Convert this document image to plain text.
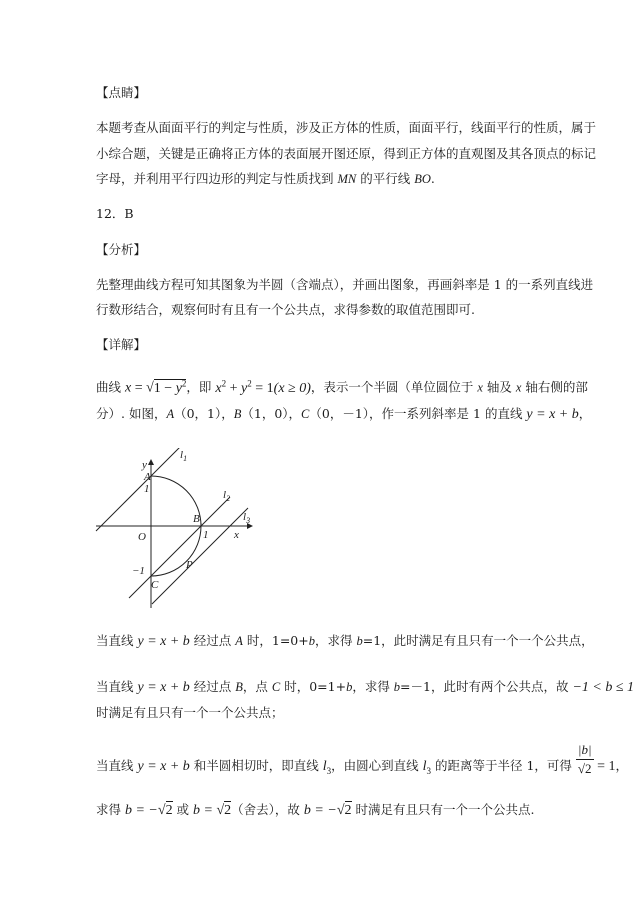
【点睛】
本题考查从面面平行的判定与性质，涉及正方体的性质，面面平行，线面平行的性质，属于
小综合题，关键是正确将正方体的表面展开图还原，得到正方体的直观图及其各顶点的标记
字母，并利用平行四边形的判定与性质找到 MN 的平行线 BO.
12．B
【分析】
先整理曲线方程可知其图象为半圆（含端点），并画出图象，再画斜率是 1 的一系列直线进
行数形结合，观察何时有且有一个公共点，求得参数的取值范围即可.
【详解】
曲线 $x = √1 - y^2$，即 $x^2 + y^2 = 1(x \ge 0)$，表示一个半圆（单位圆位于 x 轴及 x 轴右侧的部
分）. 如图，A（0，1），B（1，0），C（0，－1），作一系列斜率是 1 的直线 y = x + b，
y
x
O
A
B
C
P
1
1
−1
$l_1$
$l_2$
$l_3$
当直线 y = x + b 经过点 A 时，1=0+b，求得 b=1，此时满足有且只有一个一个公共点，
当直线 y = x + b 经过点 B，点 C 时，0=1+b，求得 b=－1，此时有两个公共点，故 −1 < b ≤ 1
时满足有且只有一个一个公共点；
当直线 y = x + b 和半圆相切时，即直线 $l_3$，由圆心到直线 $l_3$ 的距离等于半径 1，可得 $\frac{|b|}{√2} = 1$，
求得 b = −√2 或 b = √2（舍去），故 b = −√2 时满足有且只有一个一个公共点.
